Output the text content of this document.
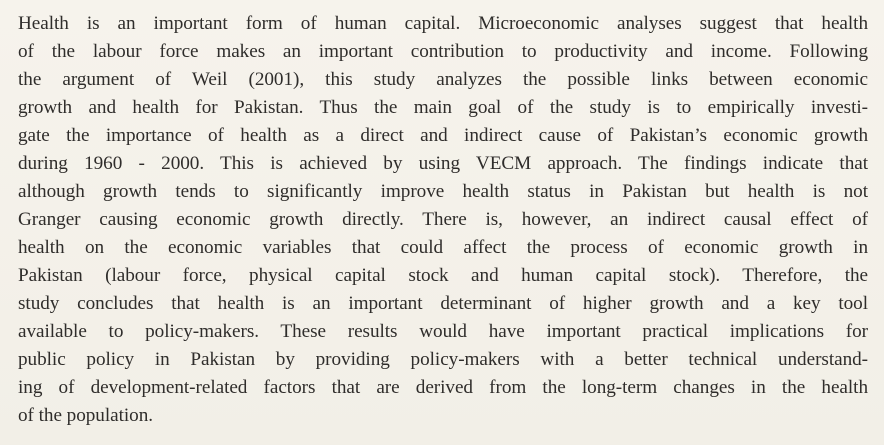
Health is an important form of human capital. Microeconomic analyses suggest that health
of the labour force makes an important contribution to productivity and income. Following
the argument of Weil (2001), this study analyzes the possible links between economic
growth and health for Pakistan. Thus the main goal of the study is to empirically investi-
gate the importance of health as a direct and indirect cause of Pakistan’s economic growth
during 1960 - 2000. This is achieved by using VECM approach. The findings indicate that
although growth tends to significantly improve health status in Pakistan but health is not
Granger causing economic growth directly. There is, however, an indirect causal effect of
health on the economic variables that could affect the process of economic growth in
Pakistan (labour force, physical capital stock and human capital stock). Therefore, the
study concludes that health is an important determinant of higher growth and a key tool
available to policy-makers. These results would have important practical implications for
public policy in Pakistan by providing policy-makers with a better technical understand-
ing of development-related factors that are derived from the long-term changes in the health
of the population.
